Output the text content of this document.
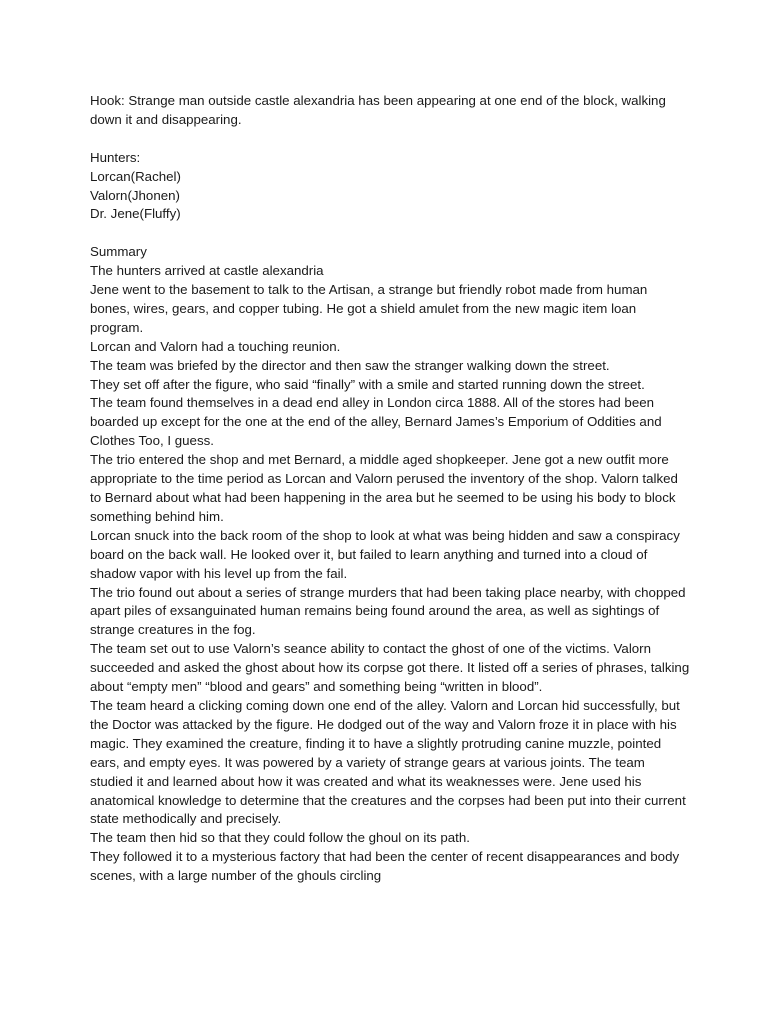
Hook: Strange man outside castle alexandria has been appearing at one end of the block, walking down it and disappearing.

Hunters:

Lorcan(Rachel)

Valorn(Jhonen)

Dr. Jene(Fluffy)

Summary

The hunters arrived at castle alexandria

Jene went to the basement to talk to the Artisan, a strange but friendly robot made from human bones, wires, gears, and copper tubing. He got a shield amulet from the new magic item loan program.

Lorcan and Valorn had a touching reunion.

The team was briefed by the director and then saw the stranger walking down the street.

They set off after the figure, who said “finally” with a smile and started running down the street.

The team found themselves in a dead end alley in London circa 1888. All of the stores had been boarded up except for the one at the end of the alley, Bernard James’s Emporium of Oddities and Clothes Too, I guess.

The trio entered the shop and met Bernard, a middle aged shopkeeper. Jene got a new outfit more appropriate to the time period as Lorcan and Valorn perused the inventory of the shop. Valorn talked to Bernard about what had been happening in the area but he seemed to be using his body to block something behind him.

Lorcan snuck into the back room of the shop to look at what was being hidden and saw a conspiracy board on the back wall. He looked over it, but failed to learn anything and turned into a cloud of shadow vapor with his level up from the fail.

The trio found out about a series of strange murders that had been taking place nearby, with chopped apart piles of exsanguinated human remains being found around the area, as well as sightings of strange creatures in the fog.

The team set out to use Valorn’s seance ability to contact the ghost of one of the victims. Valorn succeeded and asked the ghost about how its corpse got there. It listed off a series of phrases, talking about “empty men” “blood and gears” and something being “written in blood”.

The team heard a clicking coming down one end of the alley. Valorn and Lorcan hid successfully, but the Doctor was attacked by the figure. He dodged out of the way and Valorn froze it in place with his magic. They examined the creature, finding it to have a slightly protruding canine muzzle, pointed ears, and empty eyes. It was powered by a variety of strange gears at various joints. The team studied it and learned about how it was created and what its weaknesses were. Jene used his anatomical knowledge to determine that the creatures and the corpses had been put into their current state methodically and precisely.

The team then hid so that they could follow the ghoul on its path.

They followed it to a mysterious factory that had been the center of recent disappearances and body scenes, with a large number of the ghouls circling
